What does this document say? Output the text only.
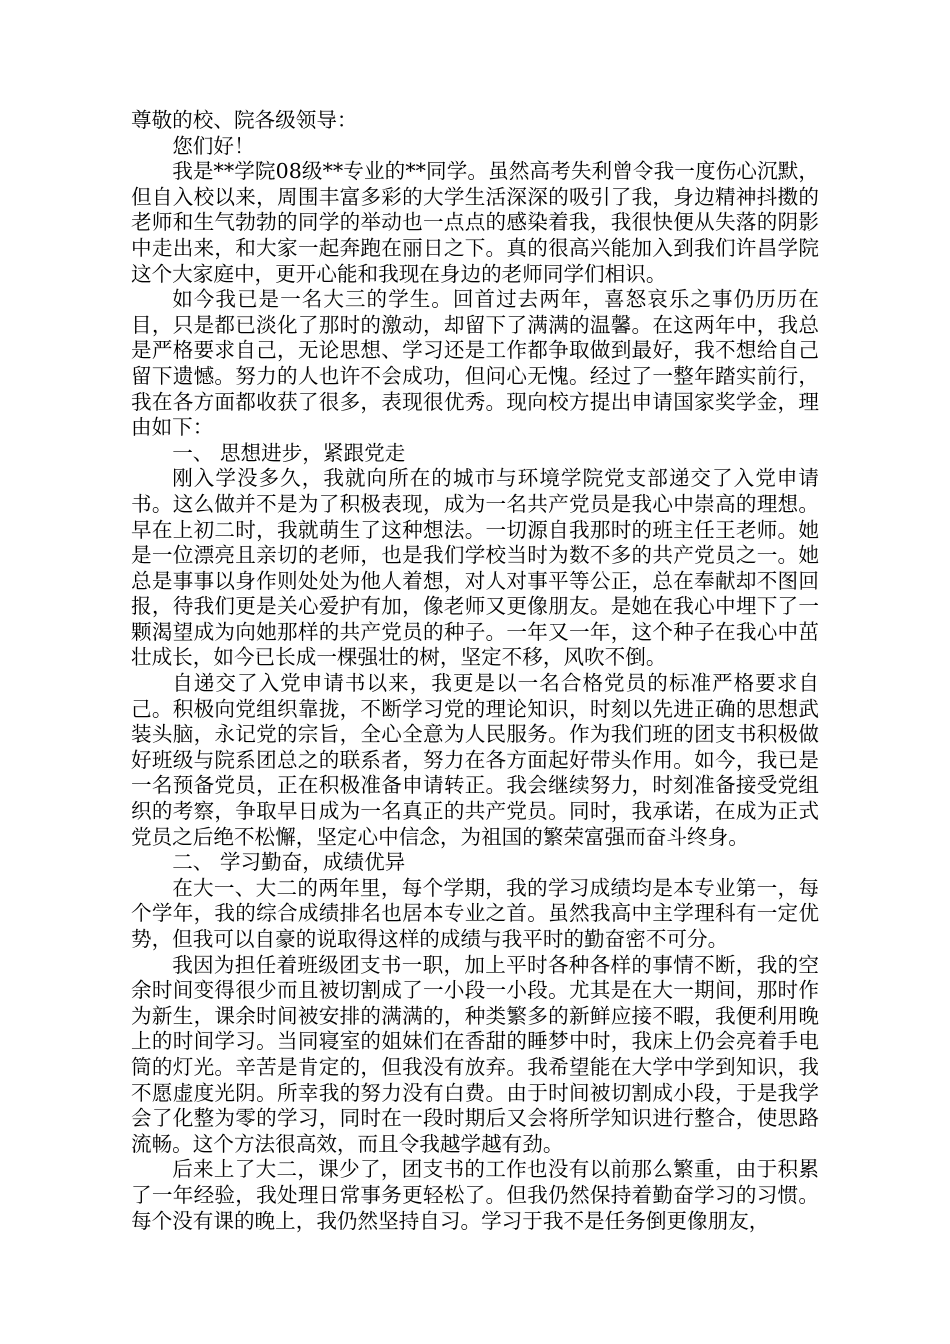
尊敬的校、院各级领导：

您们好！

我是**学院08级**专业的**同学。虽然高考失利曾令我一度伤心沉默，但自入校以来，周围丰富多彩的大学生活深深的吸引了我，身边精神抖擞的老师和生气勃勃的同学的举动也一点点的感染着我，我很快便从失落的阴影中走出来，和大家一起奔跑在丽日之下。真的很高兴能加入到我们许昌学院这个大家庭中，更开心能和我现在身边的老师同学们相识。

如今我已是一名大三的学生。回首过去两年，喜怒哀乐之事仍历历在目，只是都已淡化了那时的激动，却留下了满满的温馨。在这两年中，我总是严格要求自己，无论思想、学习还是工作都争取做到最好，我不想给自己留下遗憾。努力的人也许不会成功，但问心无愧。经过了一整年踏实前行，我在各方面都收获了很多，表现很优秀。现向校方提出申请国家奖学金，理由如下：

一、 思想进步，紧跟党走

刚入学没多久，我就向所在的城市与环境学院党支部递交了入党申请书。这么做并不是为了积极表现，成为一名共产党员是我心中崇高的理想。早在上初二时，我就萌生了这种想法。一切源自我那时的班主任王老师。她是一位漂亮且亲切的老师，也是我们学校当时为数不多的共产党员之一。她总是事事以身作则处处为他人着想，对人对事平等公正，总在奉献却不图回报，待我们更是关心爱护有加，像老师又更像朋友。是她在我心中埋下了一颗渴望成为向她那样的共产党员的种子。一年又一年，这个种子在我心中茁壮成长，如今已长成一棵强壮的树，坚定不移，风吹不倒。

自递交了入党申请书以来，我更是以一名合格党员的标准严格要求自己。积极向党组织靠拢，不断学习党的理论知识，时刻以先进正确的思想武装头脑，永记党的宗旨，全心全意为人民服务。作为我们班的团支书积极做好班级与院系团总之的联系者，努力在各方面起好带头作用。如今，我已是一名预备党员，正在积极准备申请转正。我会继续努力，时刻准备接受党组织的考察，争取早日成为一名真正的共产党员。同时，我承诺，在成为正式党员之后绝不松懈，坚定心中信念，为祖国的繁荣富强而奋斗终身。

二、 学习勤奋，成绩优异

在大一、大二的两年里，每个学期，我的学习成绩均是本专业第一，每个学年，我的综合成绩排名也居本专业之首。虽然我高中主学理科有一定优势，但我可以自豪的说取得这样的成绩与我平时的勤奋密不可分。

我因为担任着班级团支书一职，加上平时各种各样的事情不断，我的空余时间变得很少而且被切割成了一小段一小段。尤其是在大一期间，那时作为新生，课余时间被安排的满满的，种类繁多的新鲜应接不暇，我便利用晚上的时间学习。当同寝室的姐妹们在香甜的睡梦中时，我床上仍会亮着手电筒的灯光。辛苦是肯定的，但我没有放弃。我希望能在大学中学到知识，我不愿虚度光阴。所幸我的努力没有白费。由于时间被切割成小段，于是我学会了化整为零的学习，同时在一段时期后又会将所学知识进行整合，使思路流畅。这个方法很高效，而且令我越学越有劲。

后来上了大二，课少了，团支书的工作也没有以前那么繁重，由于积累了一年经验，我处理日常事务更轻松了。但我仍然保持着勤奋学习的习惯。每个没有课的晚上，我仍然坚持自习。学习于我不是任务倒更像朋友，
